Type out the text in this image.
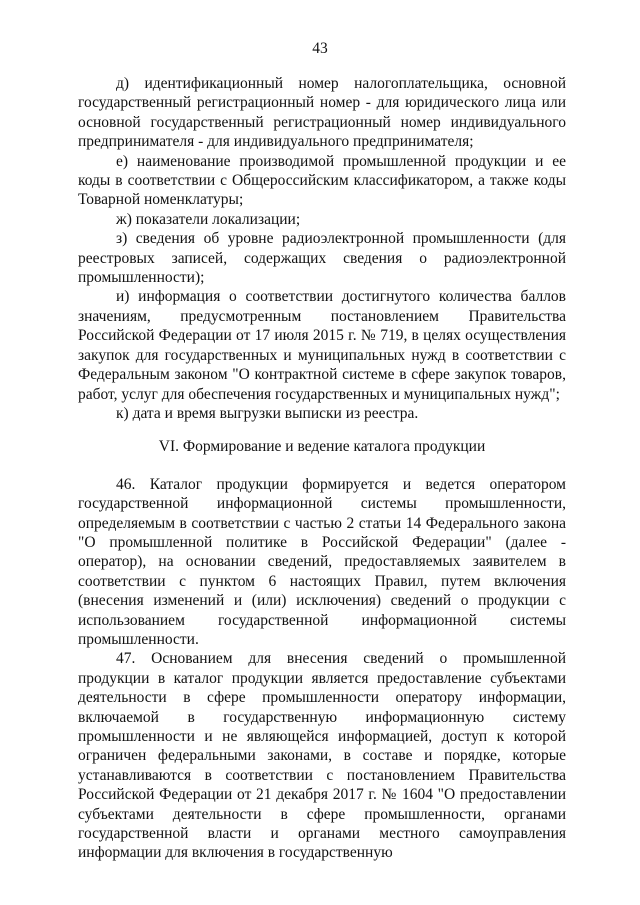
43

д) идентификационный номер налогоплательщика, основной государственный регистрационный номер - для юридического лица или основной государственный регистрационный номер индивидуального предпринимателя - для индивидуального предпринимателя;

е) наименование производимой промышленной продукции и ее коды в соответствии с Общероссийским классификатором, а также коды Товарной номенклатуры;

ж) показатели локализации;

з) сведения об уровне радиоэлектронной промышленности (для реестровых записей, содержащих сведения о радиоэлектронной промышленности);

и) информация о соответствии достигнутого количества баллов значениям, предусмотренным постановлением Правительства Российской Федерации от 17 июля 2015 г. № 719, в целях осуществления закупок для государственных и муниципальных нужд в соответствии с Федеральным законом "О контрактной системе в сфере закупок товаров, работ, услуг для обеспечения государственных и муниципальных нужд";

к) дата и время выгрузки выписки из реестра.

VI. Формирование и ведение каталога продукции

46. Каталог продукции формируется и ведется оператором государственной информационной системы промышленности, определяемым в соответствии с частью 2 статьи 14 Федерального закона "О промышленной политике в Российской Федерации" (далее - оператор), на основании сведений, предоставляемых заявителем в соответствии с пунктом 6 настоящих Правил, путем включения (внесения изменений и (или) исключения) сведений о продукции с использованием государственной информационной системы промышленности.

47. Основанием для внесения сведений о промышленной продукции в каталог продукции является предоставление субъектами деятельности в сфере промышленности оператору информации, включаемой в государственную информационную систему промышленности и не являющейся информацией, доступ к которой ограничен федеральными законами, в составе и порядке, которые устанавливаются в соответствии с постановлением Правительства Российской Федерации от 21 декабря 2017 г. № 1604 "О предоставлении субъектами деятельности в сфере промышленности, органами государственной власти и органами местного самоуправления информации для включения в государственную
